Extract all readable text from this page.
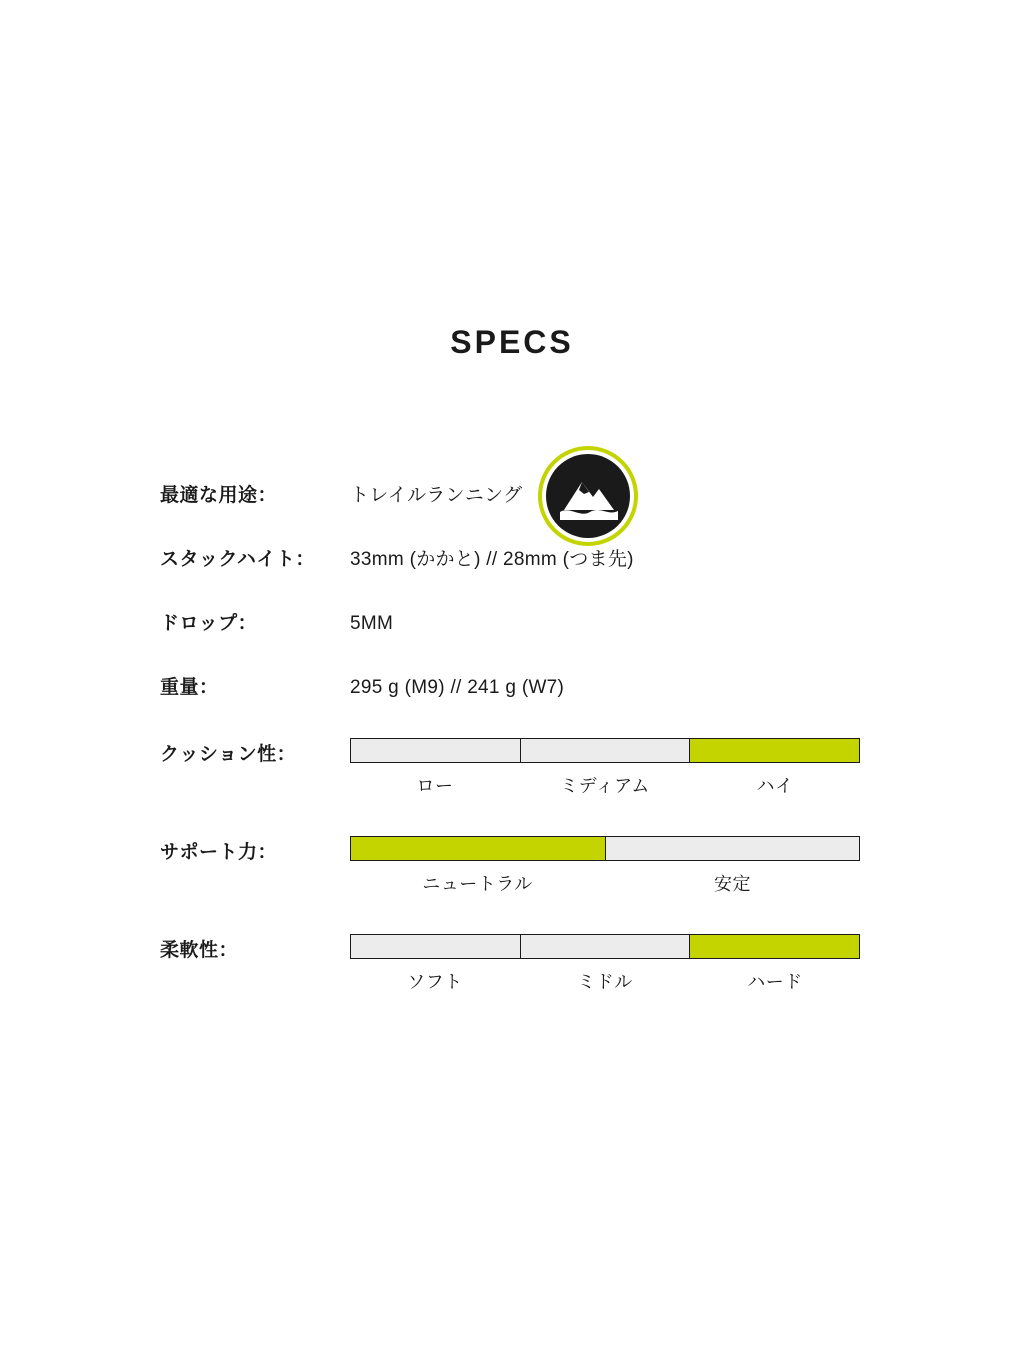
SPECS
最適な用途：	トレイルランニング
スタックハイト：	33mm (かかと) // 28mm (つま先)
ドロップ：	5MM
重量：	295 g (M9) // 241 g (W7)
クッション性：
ロー	ミディアム	ハイ
サポート力：
ニュートラル	安定
柔軟性：
ソフト	ミドル	ハード
